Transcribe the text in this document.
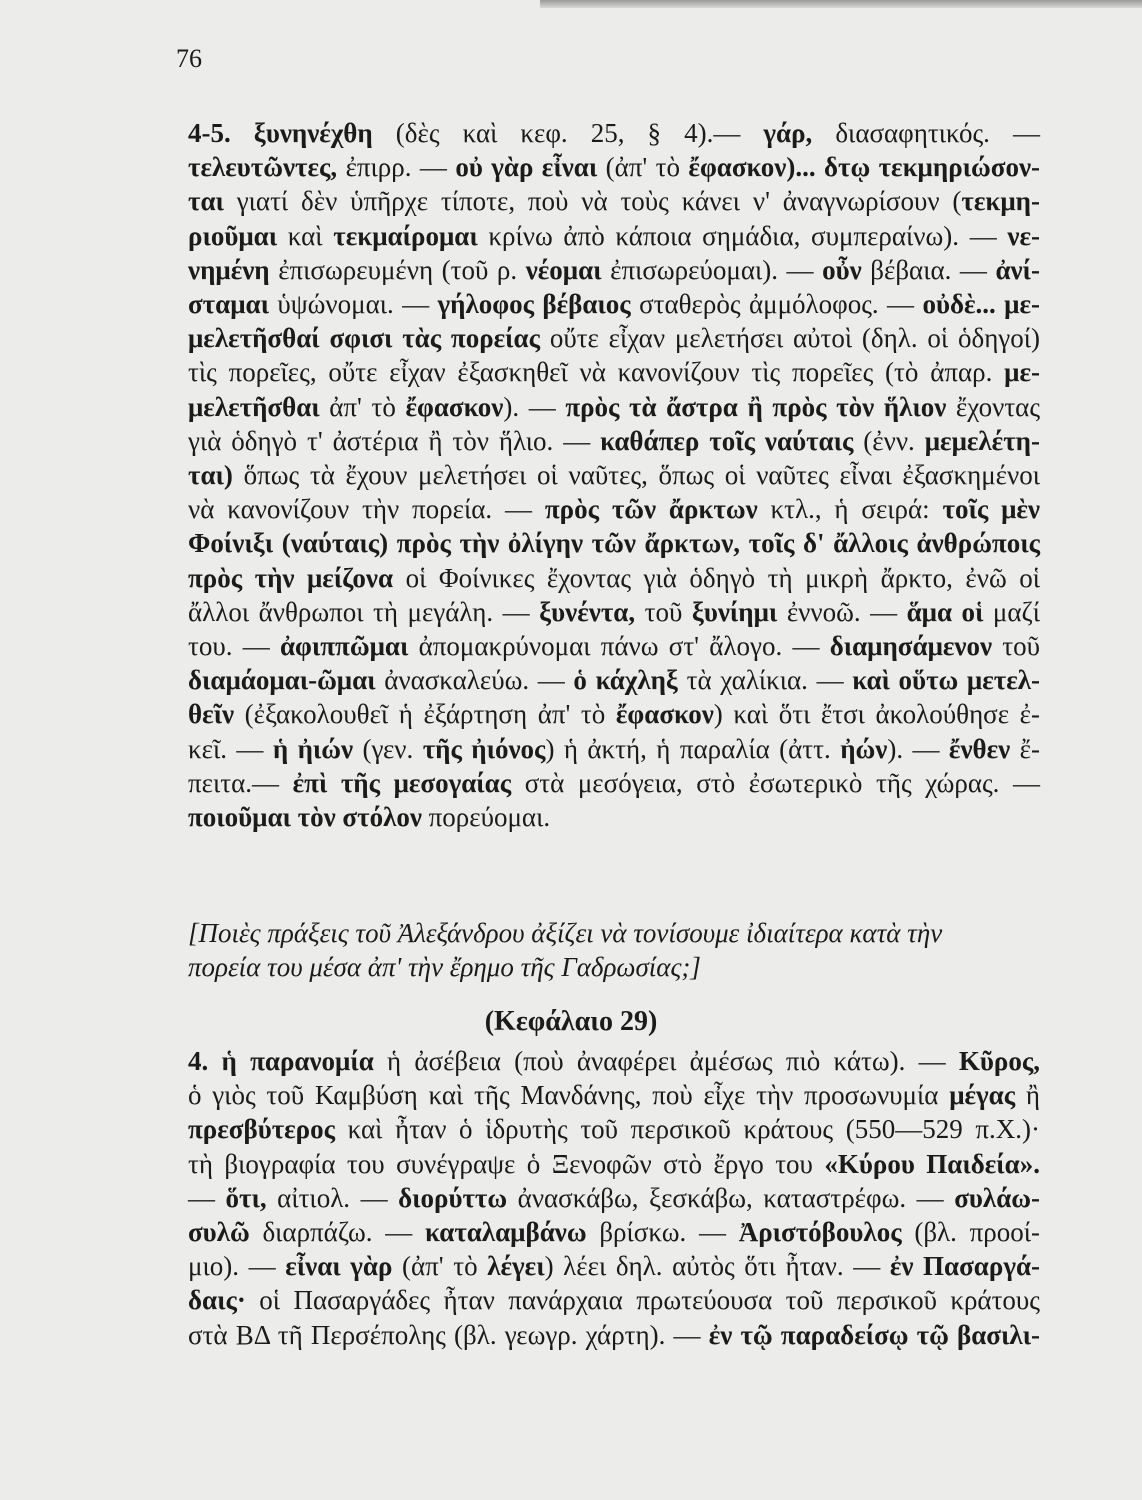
76
4-5. ξυνηνέχθη (δὲς καὶ κεφ. 25, § 4).— γάρ, διασαφητικός. —
τελευτῶντες, ἐπιρρ. — οὐ γὰρ εἶναι (ἀπ' τὸ ἔφασκον)... δτῳ τεκμηριώσον-
ται γιατί δὲν ὑπῆρχε τίποτε, ποὺ νὰ τοὺς κάνει ν' ἀναγνωρίσουν (τεκμη-
ριοῦμαι καὶ τεκμαίρομαι κρίνω ἀπὸ κάποια σημάδια, συμπεραίνω). — νε-
νημένη ἐπισωρευμένη (τοῦ ρ. νέομαι ἐπισωρεύομαι). — οὖν βέβαια. — ἀνί-
σταμαι ὑψώνομαι. — γήλοφος βέβαιος σταθερὸς ἀμμόλοφος. — οὐδὲ... με-
μελετῆσθαί σφισι τὰς πορείας οὔτε εἶχαν μελετήσει αὐτοὶ (δηλ. οἱ ὁδηγοί)
τὶς πορεῖες, οὔτε εἶχαν ἐξασκηθεῖ νὰ κανονίζουν τὶς πορεῖες (τὸ ἀπαρ. με-
μελετῆσθαι ἀπ' τὸ ἔφασκον). — πρὸς τὰ ἄστρα ἢ πρὸς τὸν ἥλιον ἔχοντας
γιὰ ὁδηγὸ τ' ἀστέρια ἢ τὸν ἥλιο. — καθάπερ τοῖς ναύταις (ἐνν. μεμελέτη-
ται) ὅπως τὰ ἔχουν μελετήσει οἱ ναῦτες, ὅπως οἱ ναῦτες εἶναι ἐξασκημένοι
νὰ κανονίζουν τὴν πορεία. — πρὸς τῶν ἄρκτων κτλ., ἡ σειρά: τοῖς μὲν
Φοίνιξι (ναύταις) πρὸς τὴν ὀλίγην τῶν ἄρκτων, τοῖς δ' ἄλλοις ἀνθρώποις
πρὸς τὴν μείζονα οἱ Φοίνικες ἔχοντας γιὰ ὁδηγὸ τὴ μικρὴ ἄρκτο, ἐνῶ οἱ
ἄλλοι ἄνθρωποι τὴ μεγάλη. — ξυνέντα, τοῦ ξυνίημι ἐννοῶ. — ἅμα οἱ μαζί
του. — ἀφιππῶμαι ἀπομακρύνομαι πάνω στ' ἄλογο. — διαμησάμενον τοῦ
διαμάομαι-ῶμαι ἀνασκαλεύω. — ὁ κάχληξ τὰ χαλίκια. — καὶ οὕτω μετελ-
θεῖν (ἐξακολουθεῖ ἡ ἐξάρτηση ἀπ' τὸ ἔφασκον) καὶ ὅτι ἔτσι ἀκολούθησε ἐ-
κεῖ. — ἡ ἠιών (γεν. τῆς ἠιόνος) ἡ ἀκτή, ἡ παραλία (ἀττ. ἠών). — ἔνθεν ἔ-
πειτα.— ἐπὶ τῆς μεσογαίας στὰ μεσόγεια, στὸ ἐσωτερικὸ τῆς χώρας. —
ποιοῦμαι τὸν στόλον πορεύομαι.
[Ποιὲς πράξεις τοῦ Ἀλεξάνδρου ἀξίζει νὰ τονίσουμε ἰδιαίτερα κατὰ τὴν
πορεία του μέσα ἀπ' τὴν ἔρημο τῆς Γαδρωσίας;]
(Κεφάλαιο 29)
4. ἡ παρανομία ἡ ἀσέβεια (ποὺ ἀναφέρει ἀμέσως πιὸ κάτω). — Κῦρος,
ὁ γιὸς τοῦ Καμβύση καὶ τῆς Μανδάνης, ποὺ εἶχε τὴν προσωνυμία μέγας ἢ
πρεσβύτερος καὶ ἦταν ὁ ἱδρυτὴς τοῦ περσικοῦ κράτους (550—529 π.Χ.)·
τὴ βιογραφία του συνέγραψε ὁ Ξενοφῶν στὸ ἔργο του «Κύρου Παιδεία».
— ὅτι, αἰτιολ. — διορύττω ἀνασκάβω, ξεσκάβω, καταστρέφω. — συλάω-
συλῶ διαρπάζω. — καταλαμβάνω βρίσκω. — Ἀριστόβουλος (βλ. προοί-
μιο). — εἶναι γὰρ (ἀπ' τὸ λέγει) λέει δηλ. αὐτὸς ὅτι ἦταν. — ἐν Πασαργά-
δαις· οἱ Πασαργάδες ἦταν πανάρχαια πρωτεύουσα τοῦ περσικοῦ κράτους
στὰ ΒΔ τῆ Περσέπολης (βλ. γεωγρ. χάρτη). — ἐν τῷ παραδείσῳ τῷ βασιλι-
